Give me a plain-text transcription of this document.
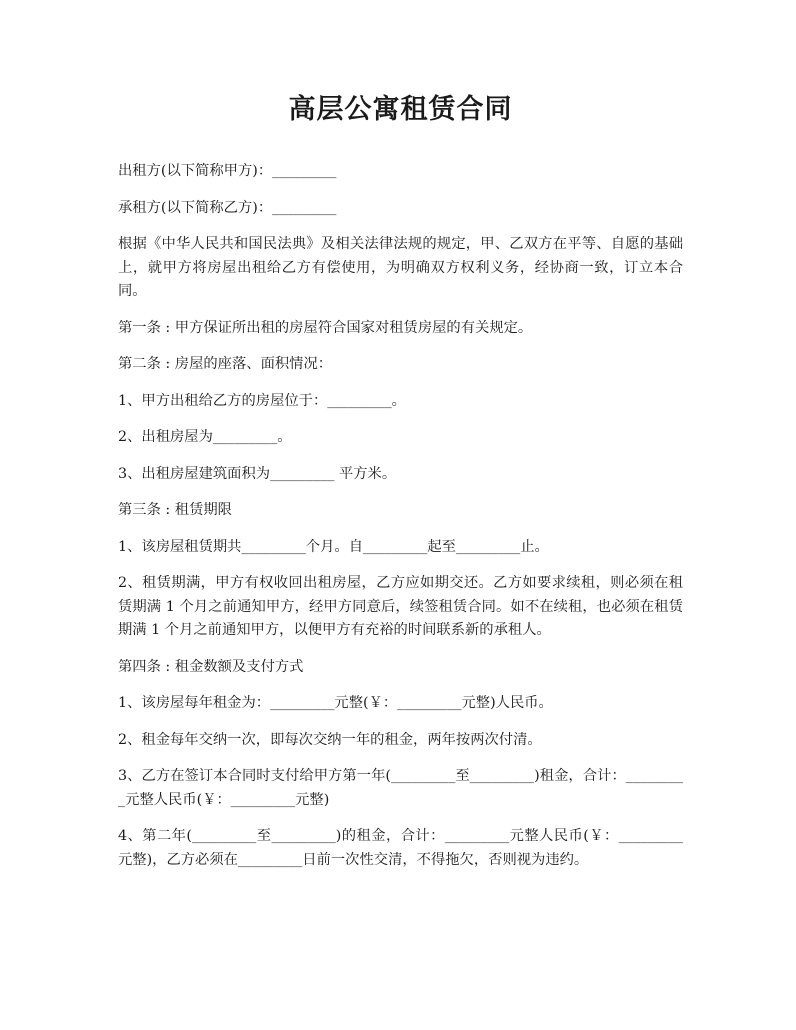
高层公寓租赁合同

出租方(以下简称甲方)：_________

承租方(以下简称乙方)：_________

根据《中华人民共和国民法典》及相关法律法规的规定，甲、乙双方在平等、自愿的基础上，就甲方将房屋出租给乙方有偿使用，为明确双方权利义务，经协商一致，订立本合同。

第一条 : 甲方保证所出租的房屋符合国家对租赁房屋的有关规定。

第二条 : 房屋的座落、面积情况：

1、甲方出租给乙方的房屋位于：_________。

2、出租房屋为_________。

3、出租房屋建筑面积为_________ 平方米。

第三条 : 租赁期限

1、该房屋租赁期共_________个月。自_________起至_________止。

2、租赁期满，甲方有权收回出租房屋，乙方应如期交还。乙方如要求续租，则必须在租赁期满 1 个月之前通知甲方，经甲方同意后，续签租赁合同。如不在续租，也必须在租赁期满 1 个月之前通知甲方，以便甲方有充裕的时间联系新的承租人。

第四条 : 租金数额及支付方式

1、该房屋每年租金为：_________元整(￥：_________元整)人民币。

2、租金每年交纳一次，即每次交纳一年的租金，两年按两次付清。

3、乙方在签订本合同时支付给甲方第一年(_________至_________)租金，合计：_________元整人民币(￥：_________元整)

4、第二年(_________至_________)的租金，合计：_________元整人民币(￥：_________元整)，乙方必须在_________日前一次性交清，不得拖欠，否则视为违约。
